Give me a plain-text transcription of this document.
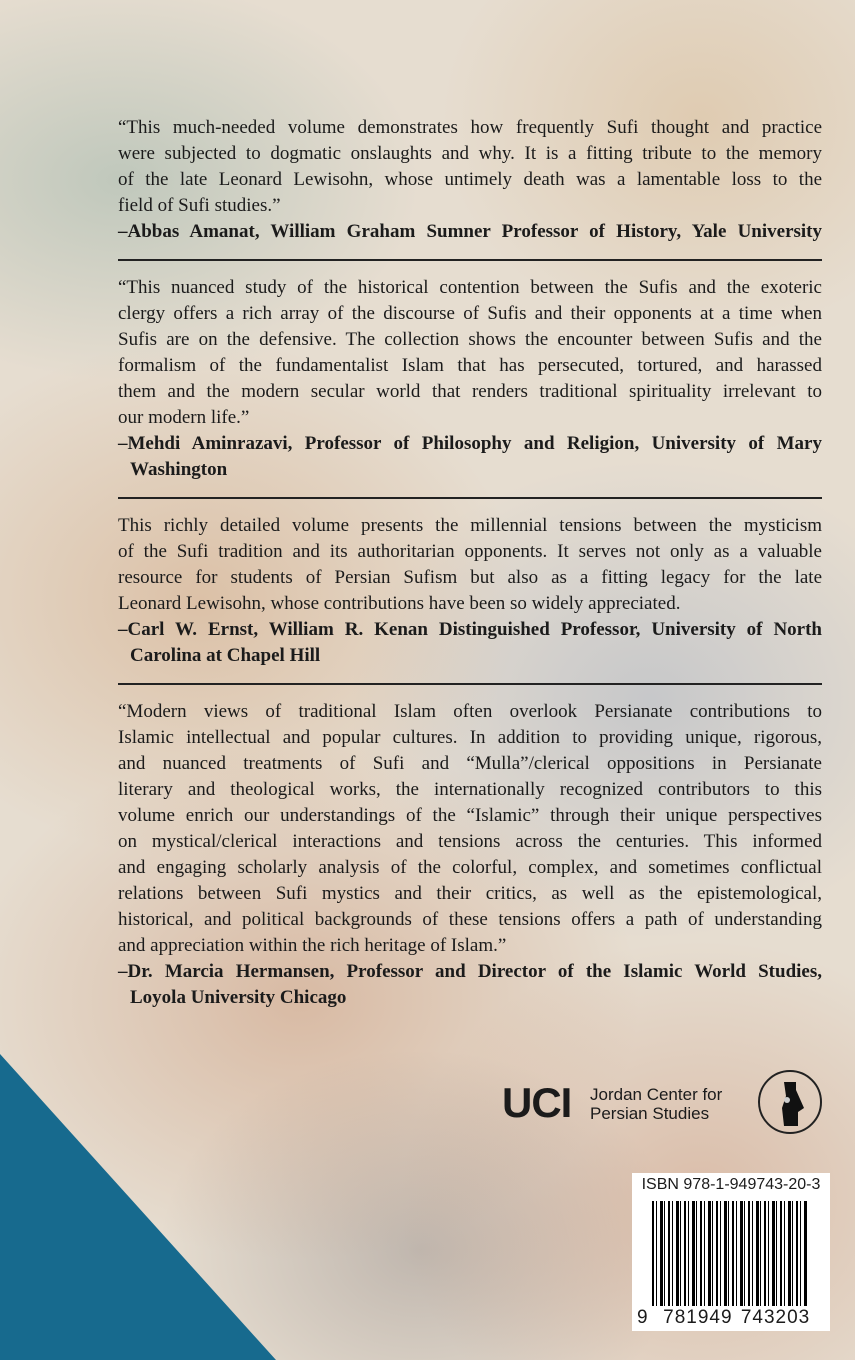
“This much-needed volume demonstrates how frequently Sufi thought and practice
were subjected to dogmatic onslaughts and why. It is a fitting tribute to the memory
of the late Leonard Lewisohn, whose untimely death was a lamentable loss to the
field of Sufi studies.”
–Abbas Amanat, William Graham Sumner Professor of History, Yale University
“This nuanced study of the historical contention between the Sufis and the exoteric
clergy offers a rich array of the discourse of Sufis and their opponents at a time when
Sufis are on the defensive. The collection shows the encounter between Sufis and the
formalism of the fundamentalist Islam that has persecuted, tortured, and harassed
them and the modern secular world that renders traditional spirituality irrelevant to
our modern life.”
–Mehdi Aminrazavi, Professor of Philosophy and Religion, University of Mary
Washington
This richly detailed volume presents the millennial tensions between the mysticism
of the Sufi tradition and its authoritarian opponents. It serves not only as a valuable
resource for students of Persian Sufism but also as a fitting legacy for the late
Leonard Lewisohn, whose contributions have been so widely appreciated.
–Carl W. Ernst, William R. Kenan Distinguished Professor, University of North
Carolina at Chapel Hill
“Modern views of traditional Islam often overlook Persianate contributions to
Islamic intellectual and popular cultures. In addition to providing unique, rigorous,
and nuanced treatments of Sufi and “Mulla”/clerical oppositions in Persianate
literary and theological works, the internationally recognized contributors to this
volume enrich our understandings of the “Islamic” through their unique perspectives
on mystical/clerical interactions and tensions across the centuries. This informed
and engaging scholarly analysis of the colorful, complex, and sometimes conflictual
relations between Sufi mystics and their critics, as well as the epistemological,
historical, and political backgrounds of these tensions offers a path of understanding
and appreciation within the rich heritage of Islam.”
–Dr. Marcia Hermansen, Professor and Director of the Islamic World Studies,
Loyola University Chicago
UCI Jordan Center for
Persian Studies
ISBN 978-1-949743-20-3
9 781949 743203
